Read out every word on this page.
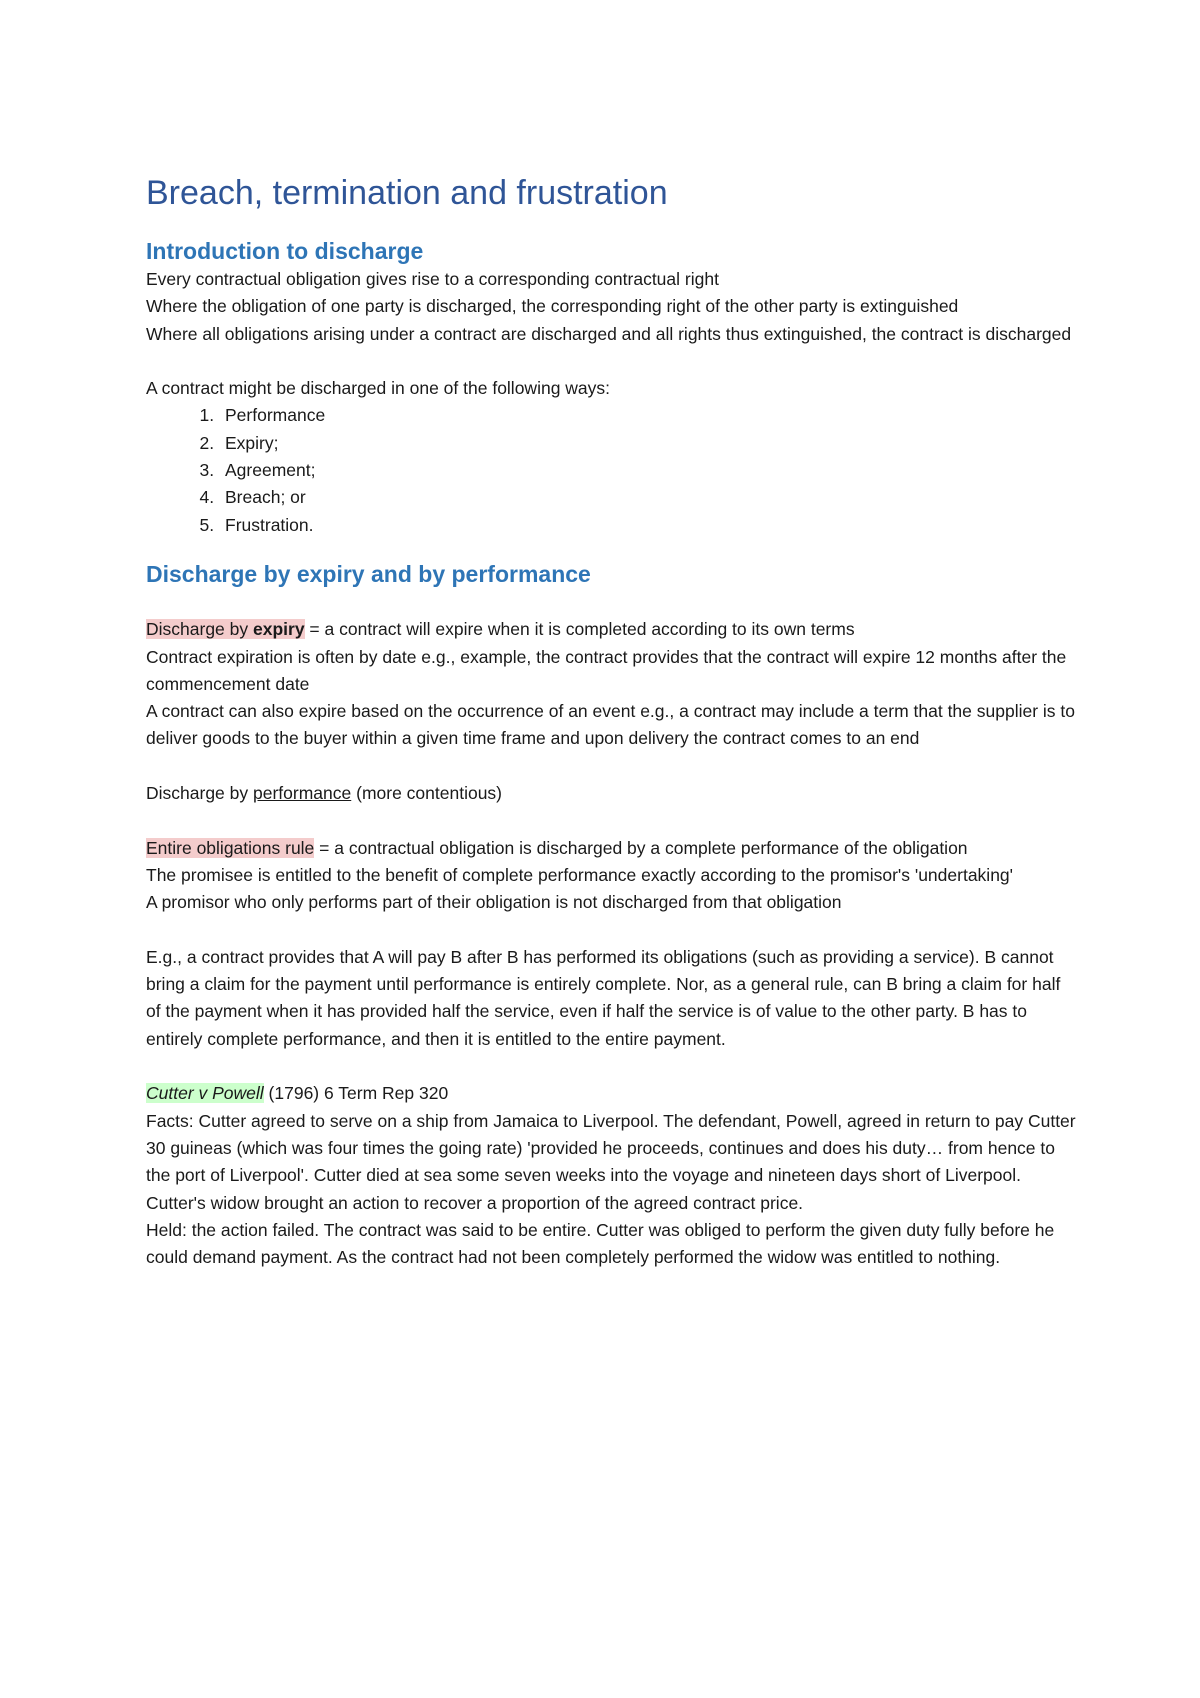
Breach, termination and frustration
Introduction to discharge

Every contractual obligation gives rise to a corresponding contractual right

Where the obligation of one party is discharged, the corresponding right of the other party is extinguished

Where all obligations arising under a contract are discharged and all rights thus extinguished, the contract is discharged

A contract might be discharged in one of the following ways:

1. Performance
2. Expiry;
3. Agreement;
4. Breach; or
5. Frustration.
Discharge by expiry and by performance

Discharge by expiry = a contract will expire when it is completed according to its own terms

Contract expiration is often by date e.g., example, the contract provides that the contract will expire 12 months after the commencement date

A contract can also expire based on the occurrence of an event e.g., a contract may include a term that the supplier is to deliver goods to the buyer within a given time frame and upon delivery the contract comes to an end

Discharge by performance (more contentious)

Entire obligations rule = a contractual obligation is discharged by a complete performance of the obligation

The promisee is entitled to the benefit of complete performance exactly according to the promisor's 'undertaking'

A promisor who only performs part of their obligation is not discharged from that obligation

E.g., a contract provides that A will pay B after B has performed its obligations (such as providing a service). B cannot bring a claim for the payment until performance is entirely complete. Nor, as a general rule, can B bring a claim for half of the payment when it has provided half the service, even if half the service is of value to the other party. B has to entirely complete performance, and then it is entitled to the entire payment.

Cutter v Powell (1796) 6 Term Rep 320

Facts: Cutter agreed to serve on a ship from Jamaica to Liverpool. The defendant, Powell, agreed in return to pay Cutter 30 guineas (which was four times the going rate) 'provided he proceeds, continues and does his duty… from hence to the port of Liverpool'. Cutter died at sea some seven weeks into the voyage and nineteen days short of Liverpool. Cutter's widow brought an action to recover a proportion of the agreed contract price.

Held: the action failed. The contract was said to be entire. Cutter was obliged to perform the given duty fully before he could demand payment. As the contract had not been completely performed the widow was entitled to nothing.
